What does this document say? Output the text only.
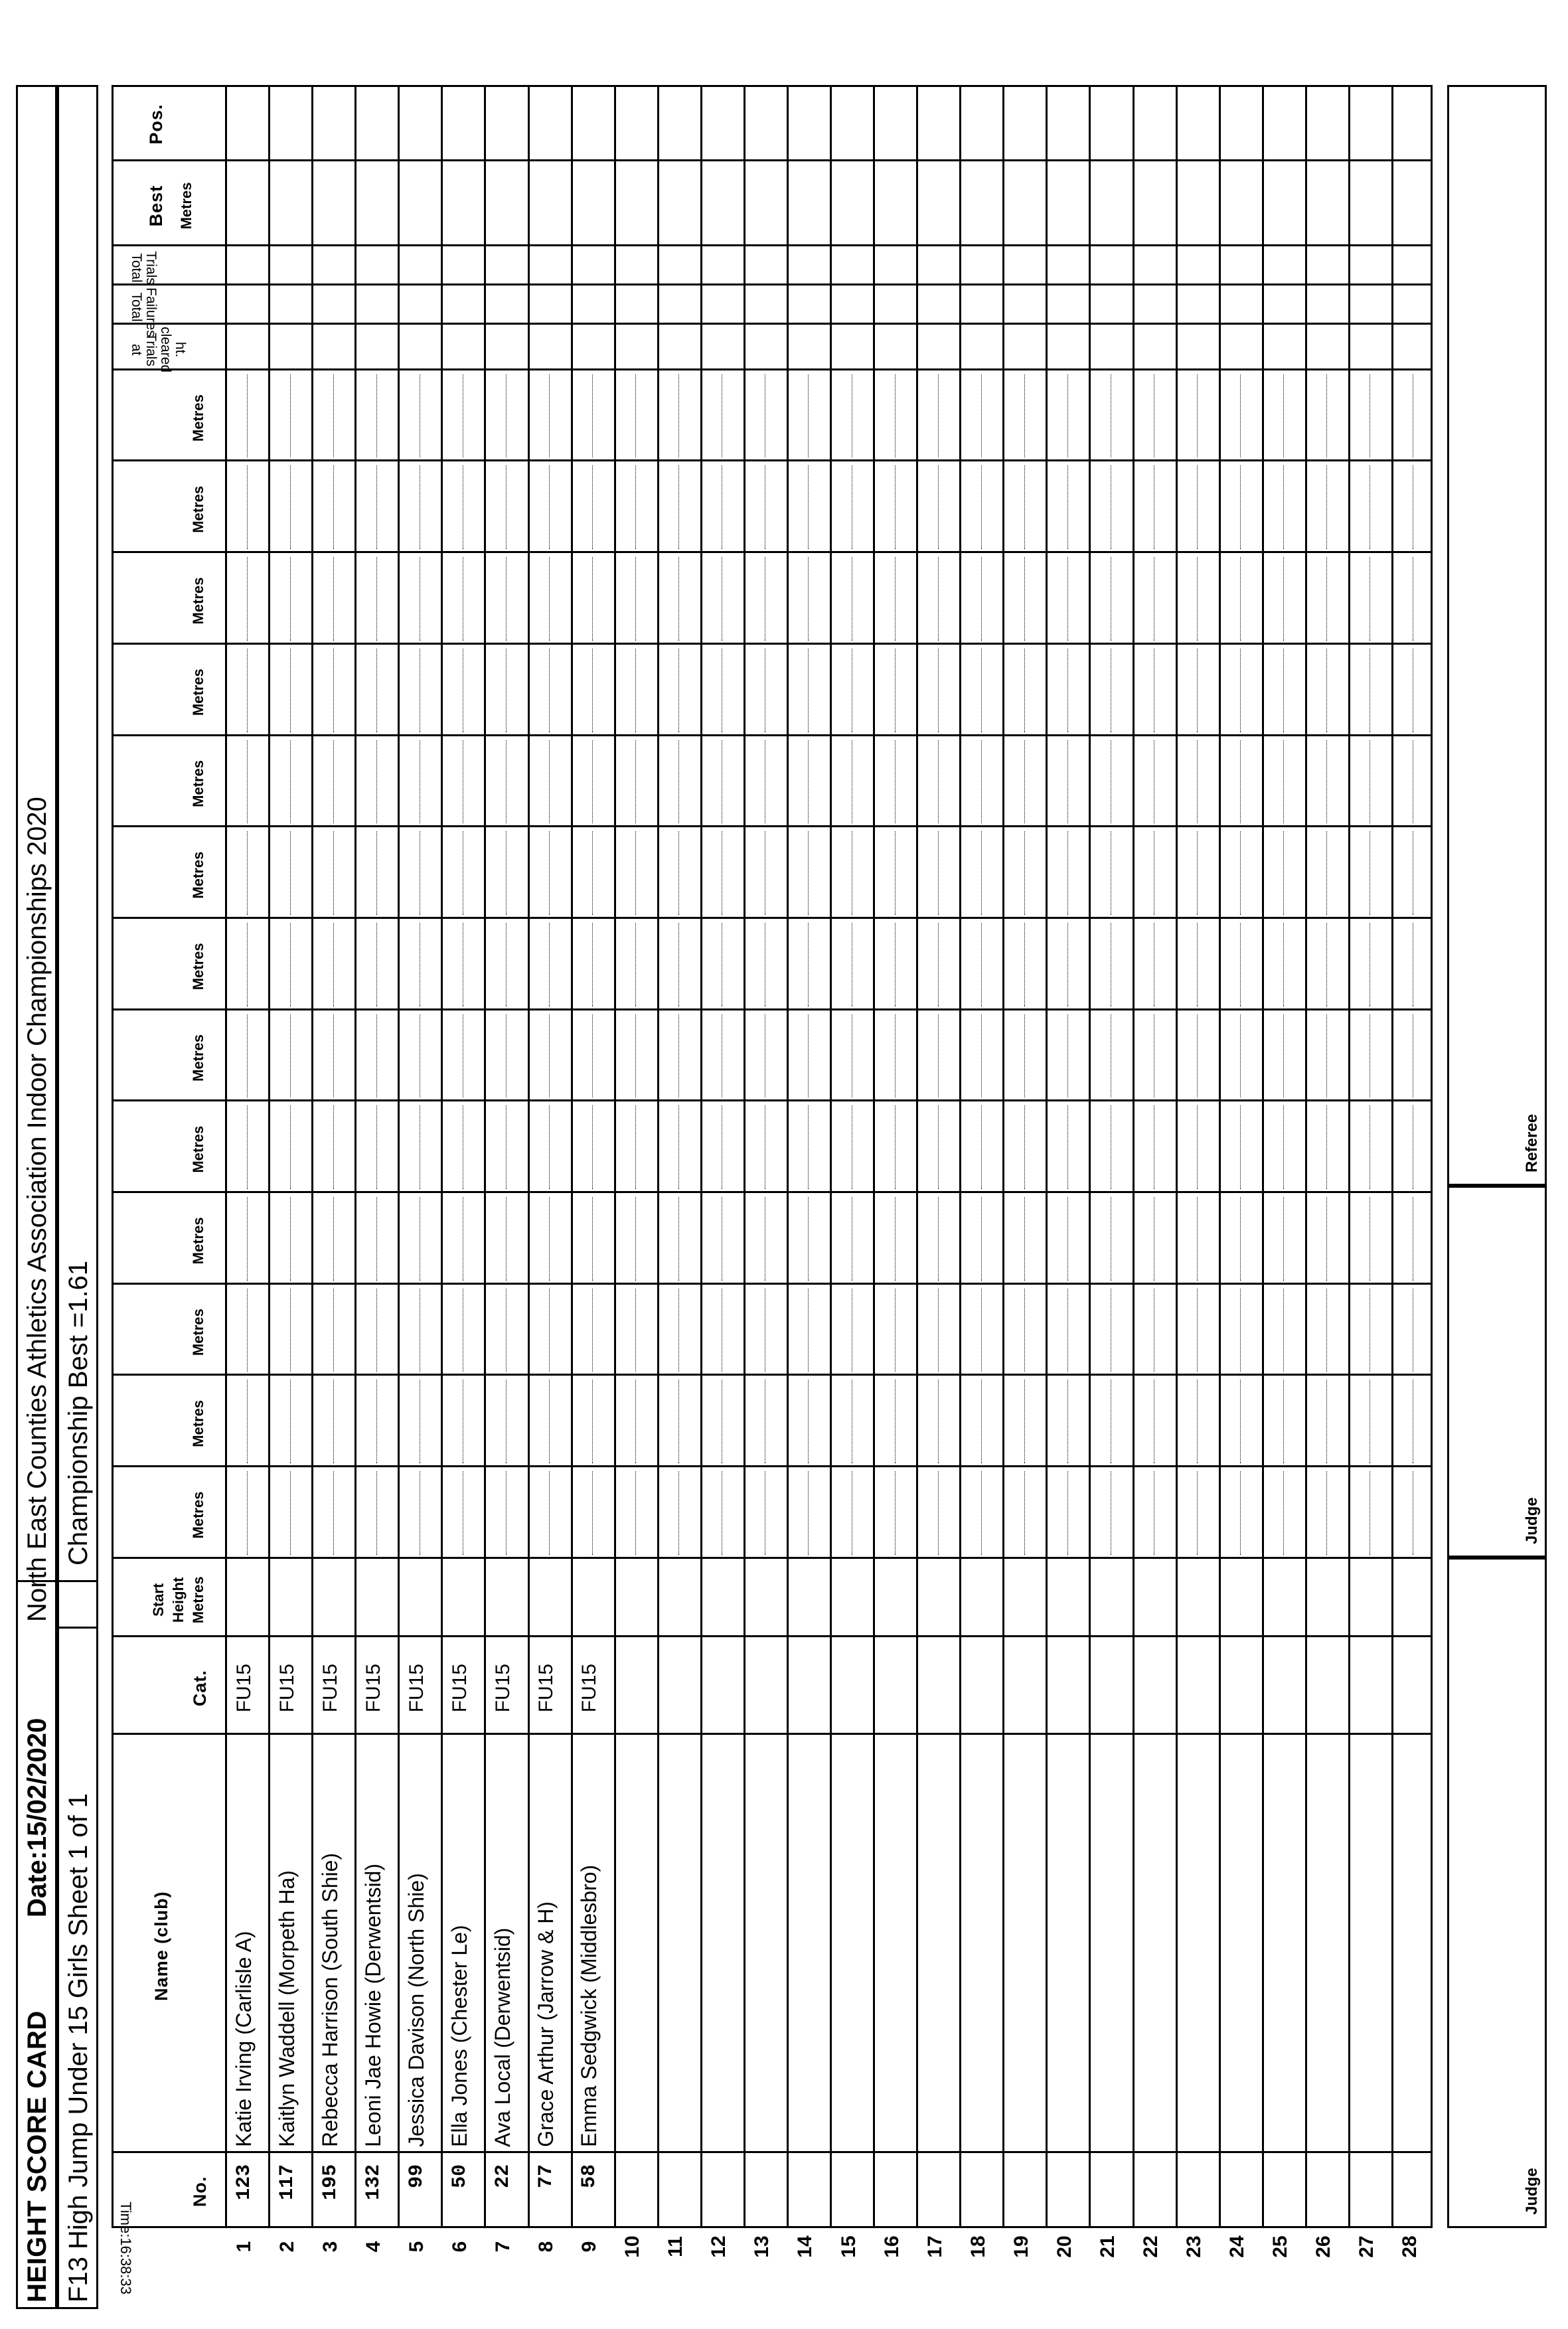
HEIGHT SCORE CARD
Date:15/02/2020
North East Counties Athletics Association Indoor Championships 2020
F13 High Jump Under 15 Girls Sheet 1 of 1
Championship Best =1.61
Time:16:38:33
Judge
Judge
Referee
No.
Name (club)
Cat.
Start Height Metres
Metres
Metres
Metres
Metres
Metres
Metres
Metres
Metres
Metres
Metres
Metres
Metres
Metres
ht. cleared
Trials at
Failures
Total
Trials
Total
Best Metres
Pos.
1
123
Katie Irving (Carlisle A)
FU15
2
117
Kaitlyn Waddell (Morpeth Ha)
FU15
3
195
Rebecca Harrison (South Shie)
FU15
4
132
Leoni Jae Howie (Derwentsid)
FU15
5
99
Jessica Davison (North Shie)
FU15
6
50
Ella Jones (Chester Le)
FU15
7
22
Ava Local (Derwentsid)
FU15
8
77
Grace Arthur (Jarrow & H)
FU15
9
58
Emma Sedgwick (Middlesbro)
FU15
10 11 12 13 14 15 16 17 18 19 20 21 22 23 24 25 26 27 28
